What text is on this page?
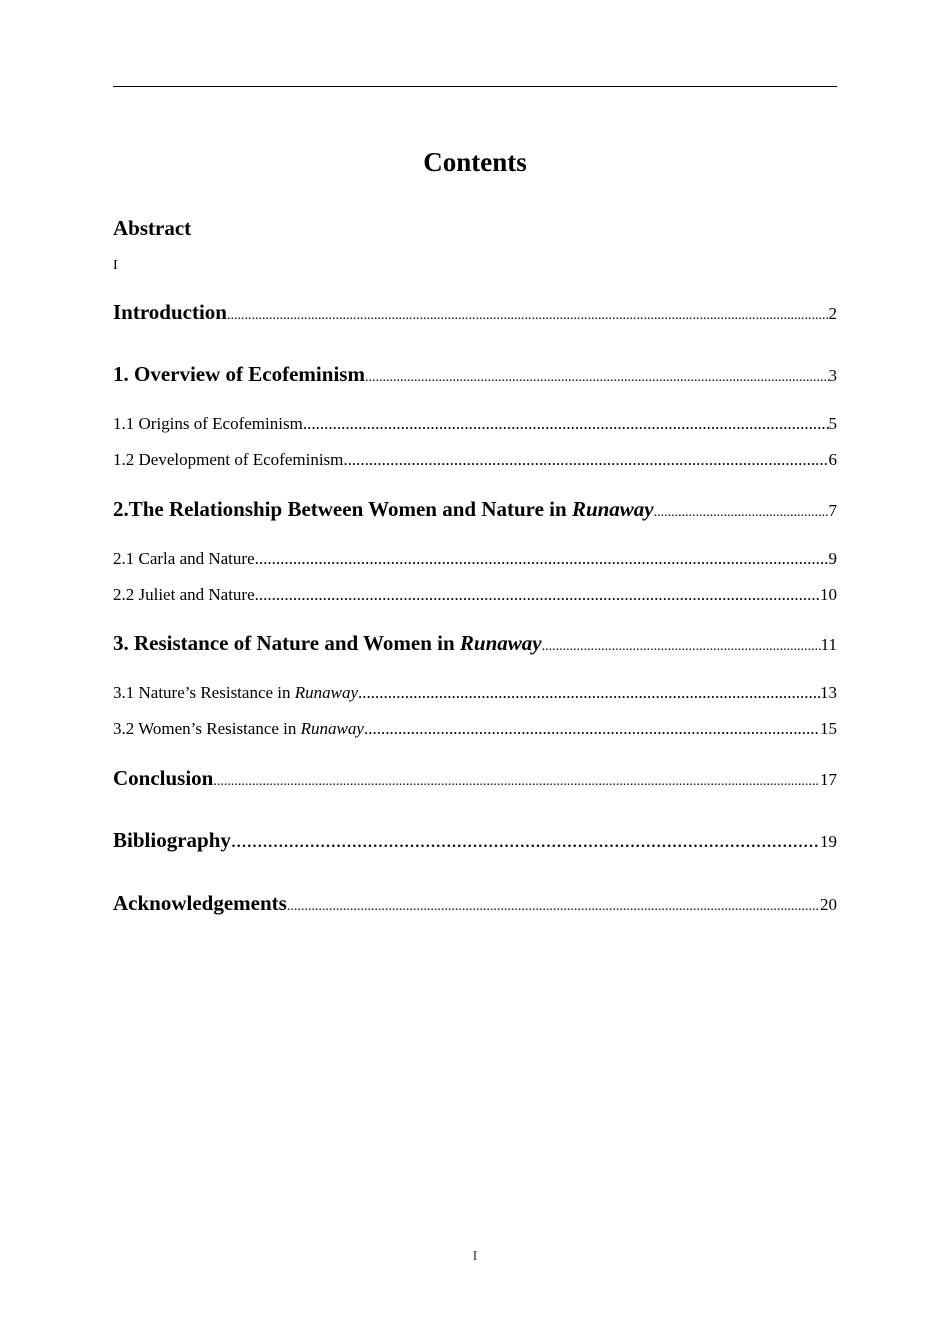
Contents
Abstract
I
Introduction .....	2
1. Overview of Ecofeminism .....	3
1.1 Origins of Ecofeminism .....	5
1.2 Development of Ecofeminism .....	6
2.The Relationship Between Women and Nature in Runaway .....	7
2.1 Carla and Nature .....	9
2.2 Juliet and Nature .....	10
3. Resistance of Nature and Women in Runaway .....	11
3.1 Nature’s Resistance in Runaway .....	13
3.2 Women’s Resistance in Runaway .....	15
Conclusion .....	17
Bibliography .....	19
Acknowledgements .....	20
I
